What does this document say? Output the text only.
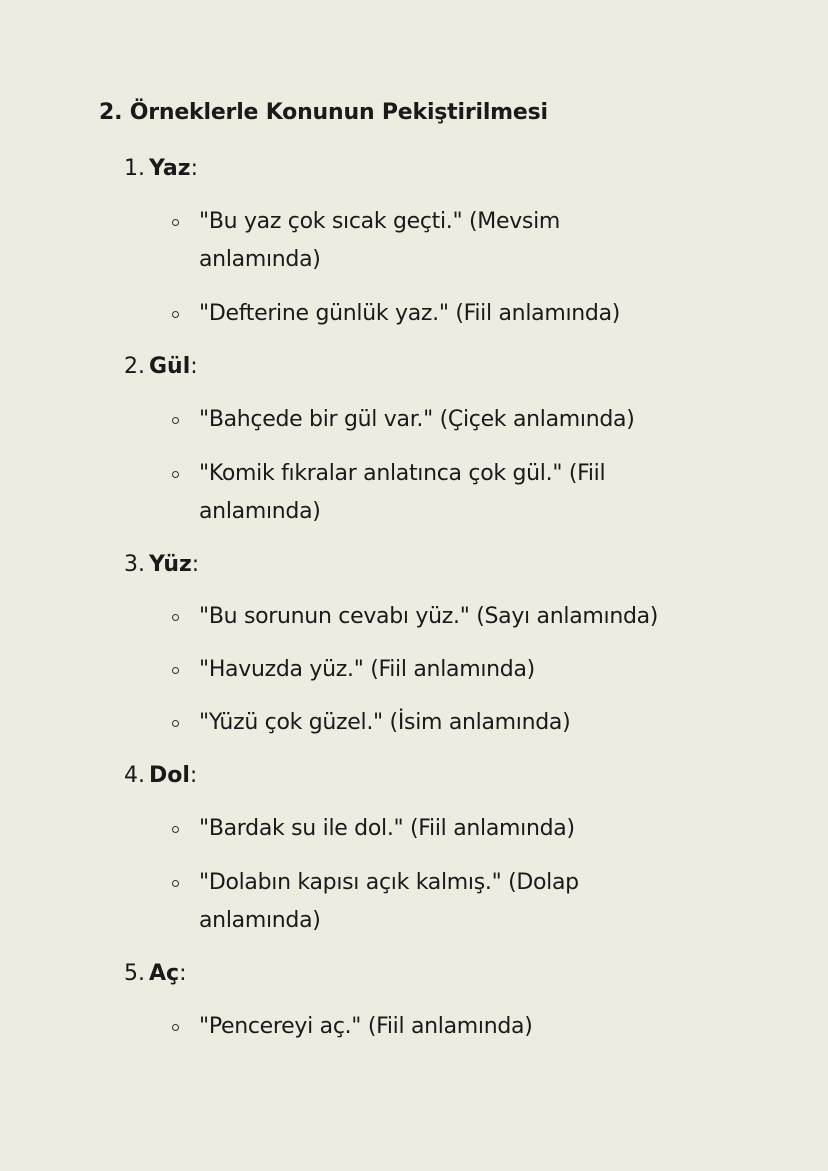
2. Örneklerle Konunun Pekiştirilmesi
1. Yaz:
"Bu yaz çok sıcak geçti." (Mevsim anlamında)
"Defterine günlük yaz." (Fiil anlamında)
2. Gül:
"Bahçede bir gül var." (Çiçek anlamında)
"Komik fıkralar anlatınca çok gül." (Fiil anlamında)
3. Yüz:
"Bu sorunun cevabı yüz." (Sayı anlamında)
"Havuzda yüz." (Fiil anlamında)
"Yüzü çok güzel." (İsim anlamında)
4. Dol:
"Bardak su ile dol." (Fiil anlamında)
"Dolabın kapısı açık kalmış." (Dolap anlamında)
5. Aç:
"Pencereyi aç." (Fiil anlamında)
